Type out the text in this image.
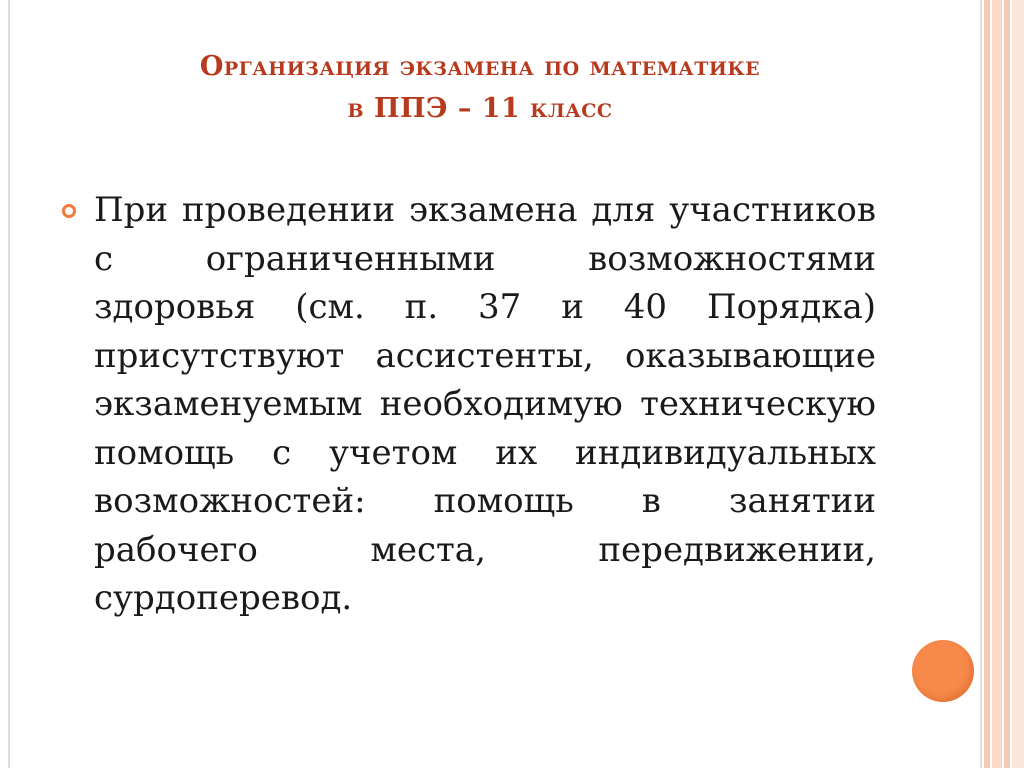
Организация экзамена по математике
в ППЭ – 11 класс

При проведении экзамена для участников с ограниченными возможностями здоровья (см. п. 37 и 40 Порядка) присутствуют ассистенты, оказывающие экзаменуемым необходимую техническую помощь с учетом их индивидуальных возможностей: помощь в занятии рабочего места, передвижении, сурдоперевод.
